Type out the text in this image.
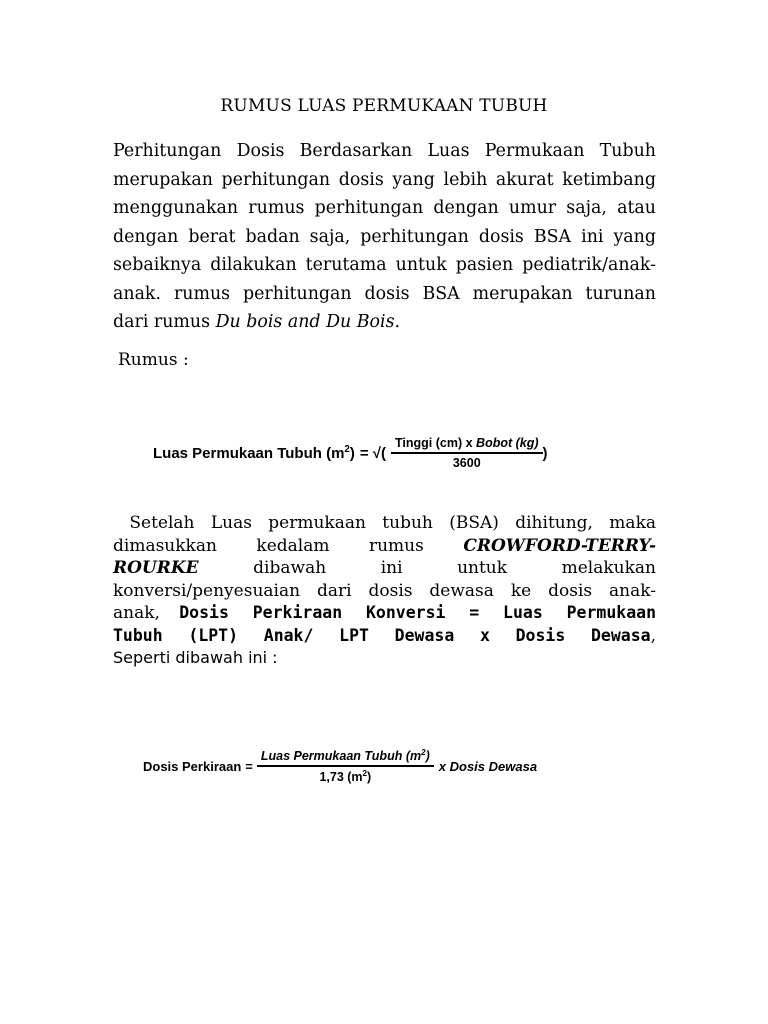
RUMUS LUAS PERMUKAAN TUBUH
Perhitungan Dosis Berdasarkan Luas Permukaan Tubuh
merupakan perhitungan dosis yang lebih akurat ketimbang
menggunakan rumus perhitungan dengan umur saja, atau
dengan berat badan saja, perhitungan dosis BSA ini yang
sebaiknya dilakukan terutama untuk pasien pediatrik/anak-
anak. rumus perhitungan dosis BSA merupakan turunan
dari rumus Du bois and Du Bois.
Rumus :
Luas Permukaan Tubuh $(m^2)$ = √( $\frac{\text{Tinggi (cm) x Bobot (kg)}}{3600}$ )
Setelah Luas permukaan tubuh (BSA) dihitung, maka
dimasukkan kedalam rumus CROWFORD-TERRY-
ROURKE dibawah ini untuk melakukan
konversi/penyesuaian dari dosis dewasa ke dosis anak-
anak, Dosis Perkiraan Konversi = Luas Permukaan
Tubuh (LPT) Anak/ LPT Dewasa x Dosis Dewasa,
Seperti dibawah ini :
Dosis Perkiraan = $\frac{Luas Permukaan Tubuh (m^2)}{1,73 (m^2)}$ x Dosis Dewasa
